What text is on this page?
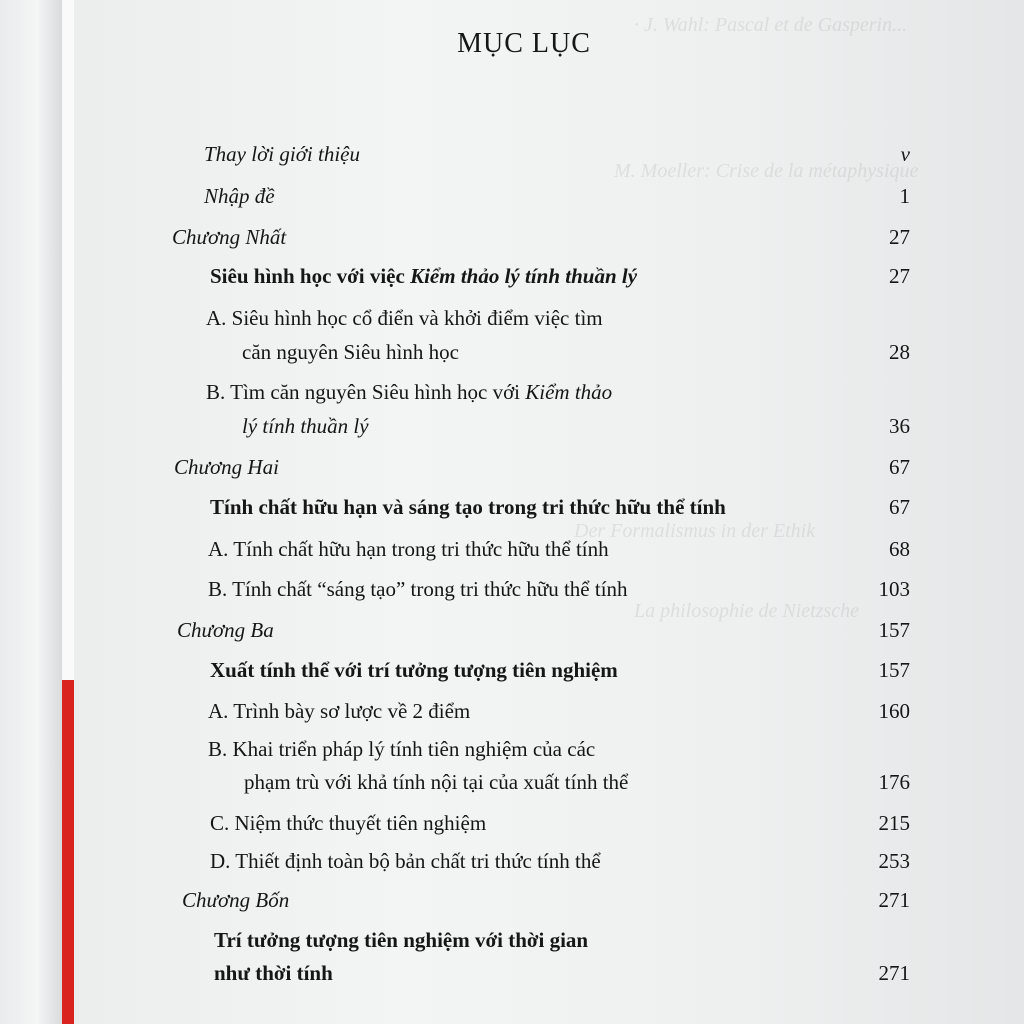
· J. Wahl: Pascal et de Gasperin...
M. Moeller: Crise de la métaphysique
Der Formalismus in der Ethik
La philosophie de Nietzsche
MỤC LỤC
Thay lời giới thiệu	v
Nhập đề	1
Chương Nhất	27
Siêu hình học với việc Kiểm thảo lý tính thuần lý	27
A. Siêu hình học cổ điển và khởi điểm việc tìm
căn nguyên Siêu hình học	28
B. Tìm căn nguyên Siêu hình học với Kiểm thảo
lý tính thuần lý	36
Chương Hai	67
Tính chất hữu hạn và sáng tạo trong tri thức hữu thể tính	67
A. Tính chất hữu hạn trong tri thức hữu thể tính	68
B. Tính chất “sáng tạo” trong tri thức hữu thể tính	103
Chương Ba	157
Xuất tính thể với trí tưởng tượng tiên nghiệm	157
A. Trình bày sơ lược về 2 điểm	160
B. Khai triển pháp lý tính tiên nghiệm của các
phạm trù với khả tính nội tại của xuất tính thể	176
C. Niệm thức thuyết tiên nghiệm	215
D. Thiết định toàn bộ bản chất tri thức tính thể	253
Chương Bốn	271
Trí tưởng tượng tiên nghiệm với thời gian
như thời tính	271
